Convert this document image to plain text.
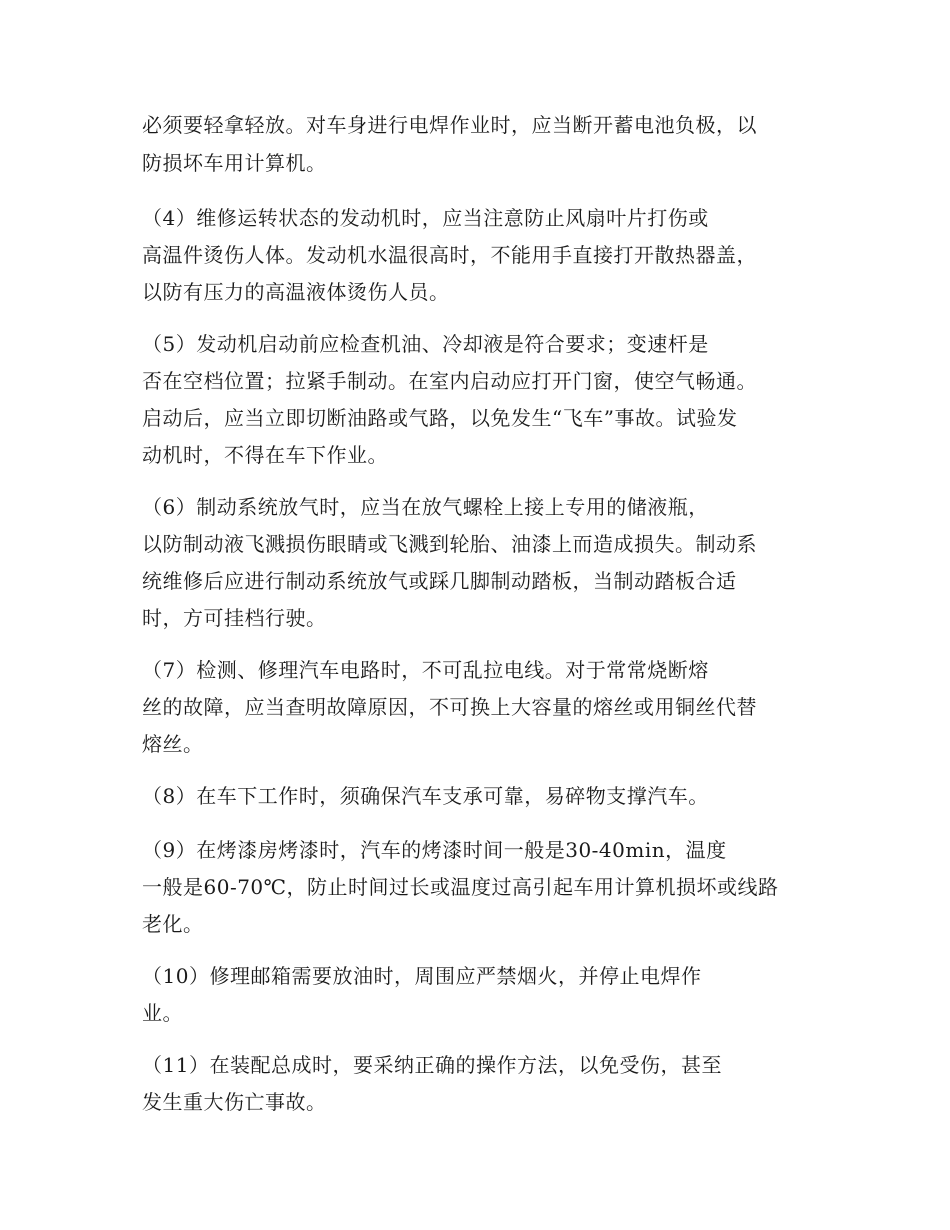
必须要轻拿轻放。对车身进行电焊作业时，应当断开蓄电池负极，以
防损坏车用计算机。
（4）维修运转状态的发动机时，应当注意防止风扇叶片打伤或
高温件烫伤人体。发动机水温很高时，不能用手直接打开散热器盖，
以防有压力的高温液体烫伤人员。
（5）发动机启动前应检查机油、冷却液是符合要求；变速杆是
否在空档位置；拉紧手制动。在室内启动应打开门窗，使空气畅通。
启动后，应当立即切断油路或气路，以免发生“飞车”事故。试验发
动机时，不得在车下作业。
（6）制动系统放气时，应当在放气螺栓上接上专用的储液瓶，
以防制动液飞溅损伤眼睛或飞溅到轮胎、油漆上而造成损失。制动系
统维修后应进行制动系统放气或踩几脚制动踏板，当制动踏板合适
时，方可挂档行驶。
（7）检测、修理汽车电路时，不可乱拉电线。对于常常烧断熔
丝的故障，应当查明故障原因，不可换上大容量的熔丝或用铜丝代替
熔丝。
（8）在车下工作时，须确保汽车支承可靠，易碎物支撑汽车。
（9）在烤漆房烤漆时，汽车的烤漆时间一般是30-40min，温度
一般是60-70℃，防止时间过长或温度过高引起车用计算机损坏或线路
老化。
（10）修理邮箱需要放油时，周围应严禁烟火，并停止电焊作
业。
（11）在装配总成时，要采纳正确的操作方法，以免受伤，甚至
发生重大伤亡事故。
